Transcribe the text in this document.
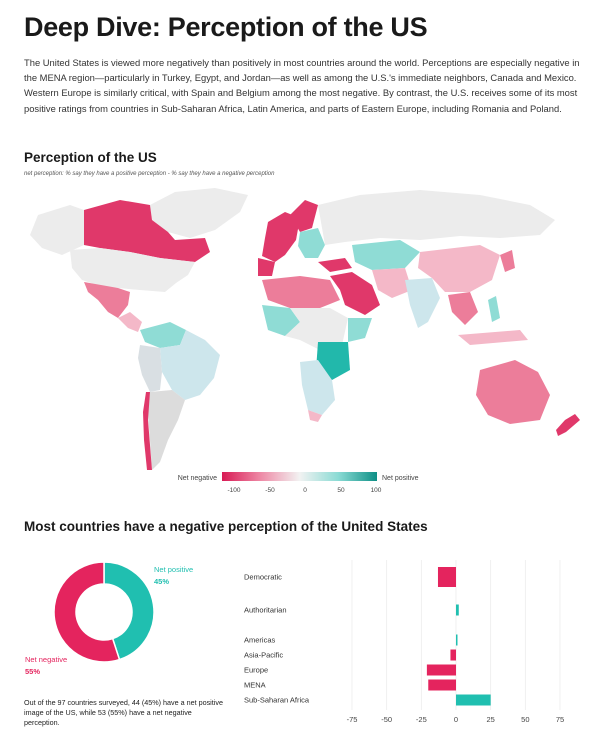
Deep Dive: Perception of the US
The United States is viewed more negatively than positively in most countries around the world. Perceptions are especially negative in the MENA region—particularly in Turkey, Egypt, and Jordan—as well as among the U.S.'s immediate neighbors, Canada and Mexico. Western Europe is similarly critical, with Spain and Belgium among the most negative. By contrast, the U.S. receives some of its most positive ratings from countries in Sub-Saharan Africa, Latin America, and parts of Eastern Europe, including Romania and Poland.
Perception of the US
net perception: % say they have a positive perception - % say they have a negative perception
Net negative	Net positive
-100	-50	0	50	100
Net positive
45%
Net negative
55%
-75	-50	-25	0	25	50	75
Democratic
Authoritarian
Americas
Asia-Pacific
Europe
MENA
Sub-Saharan Africa
Most countries have a negative perception of the United States
Out of the 97 countries surveyed, 44 (45%) have a net positive image of the US, while 53 (55%) have a net negative perception.
